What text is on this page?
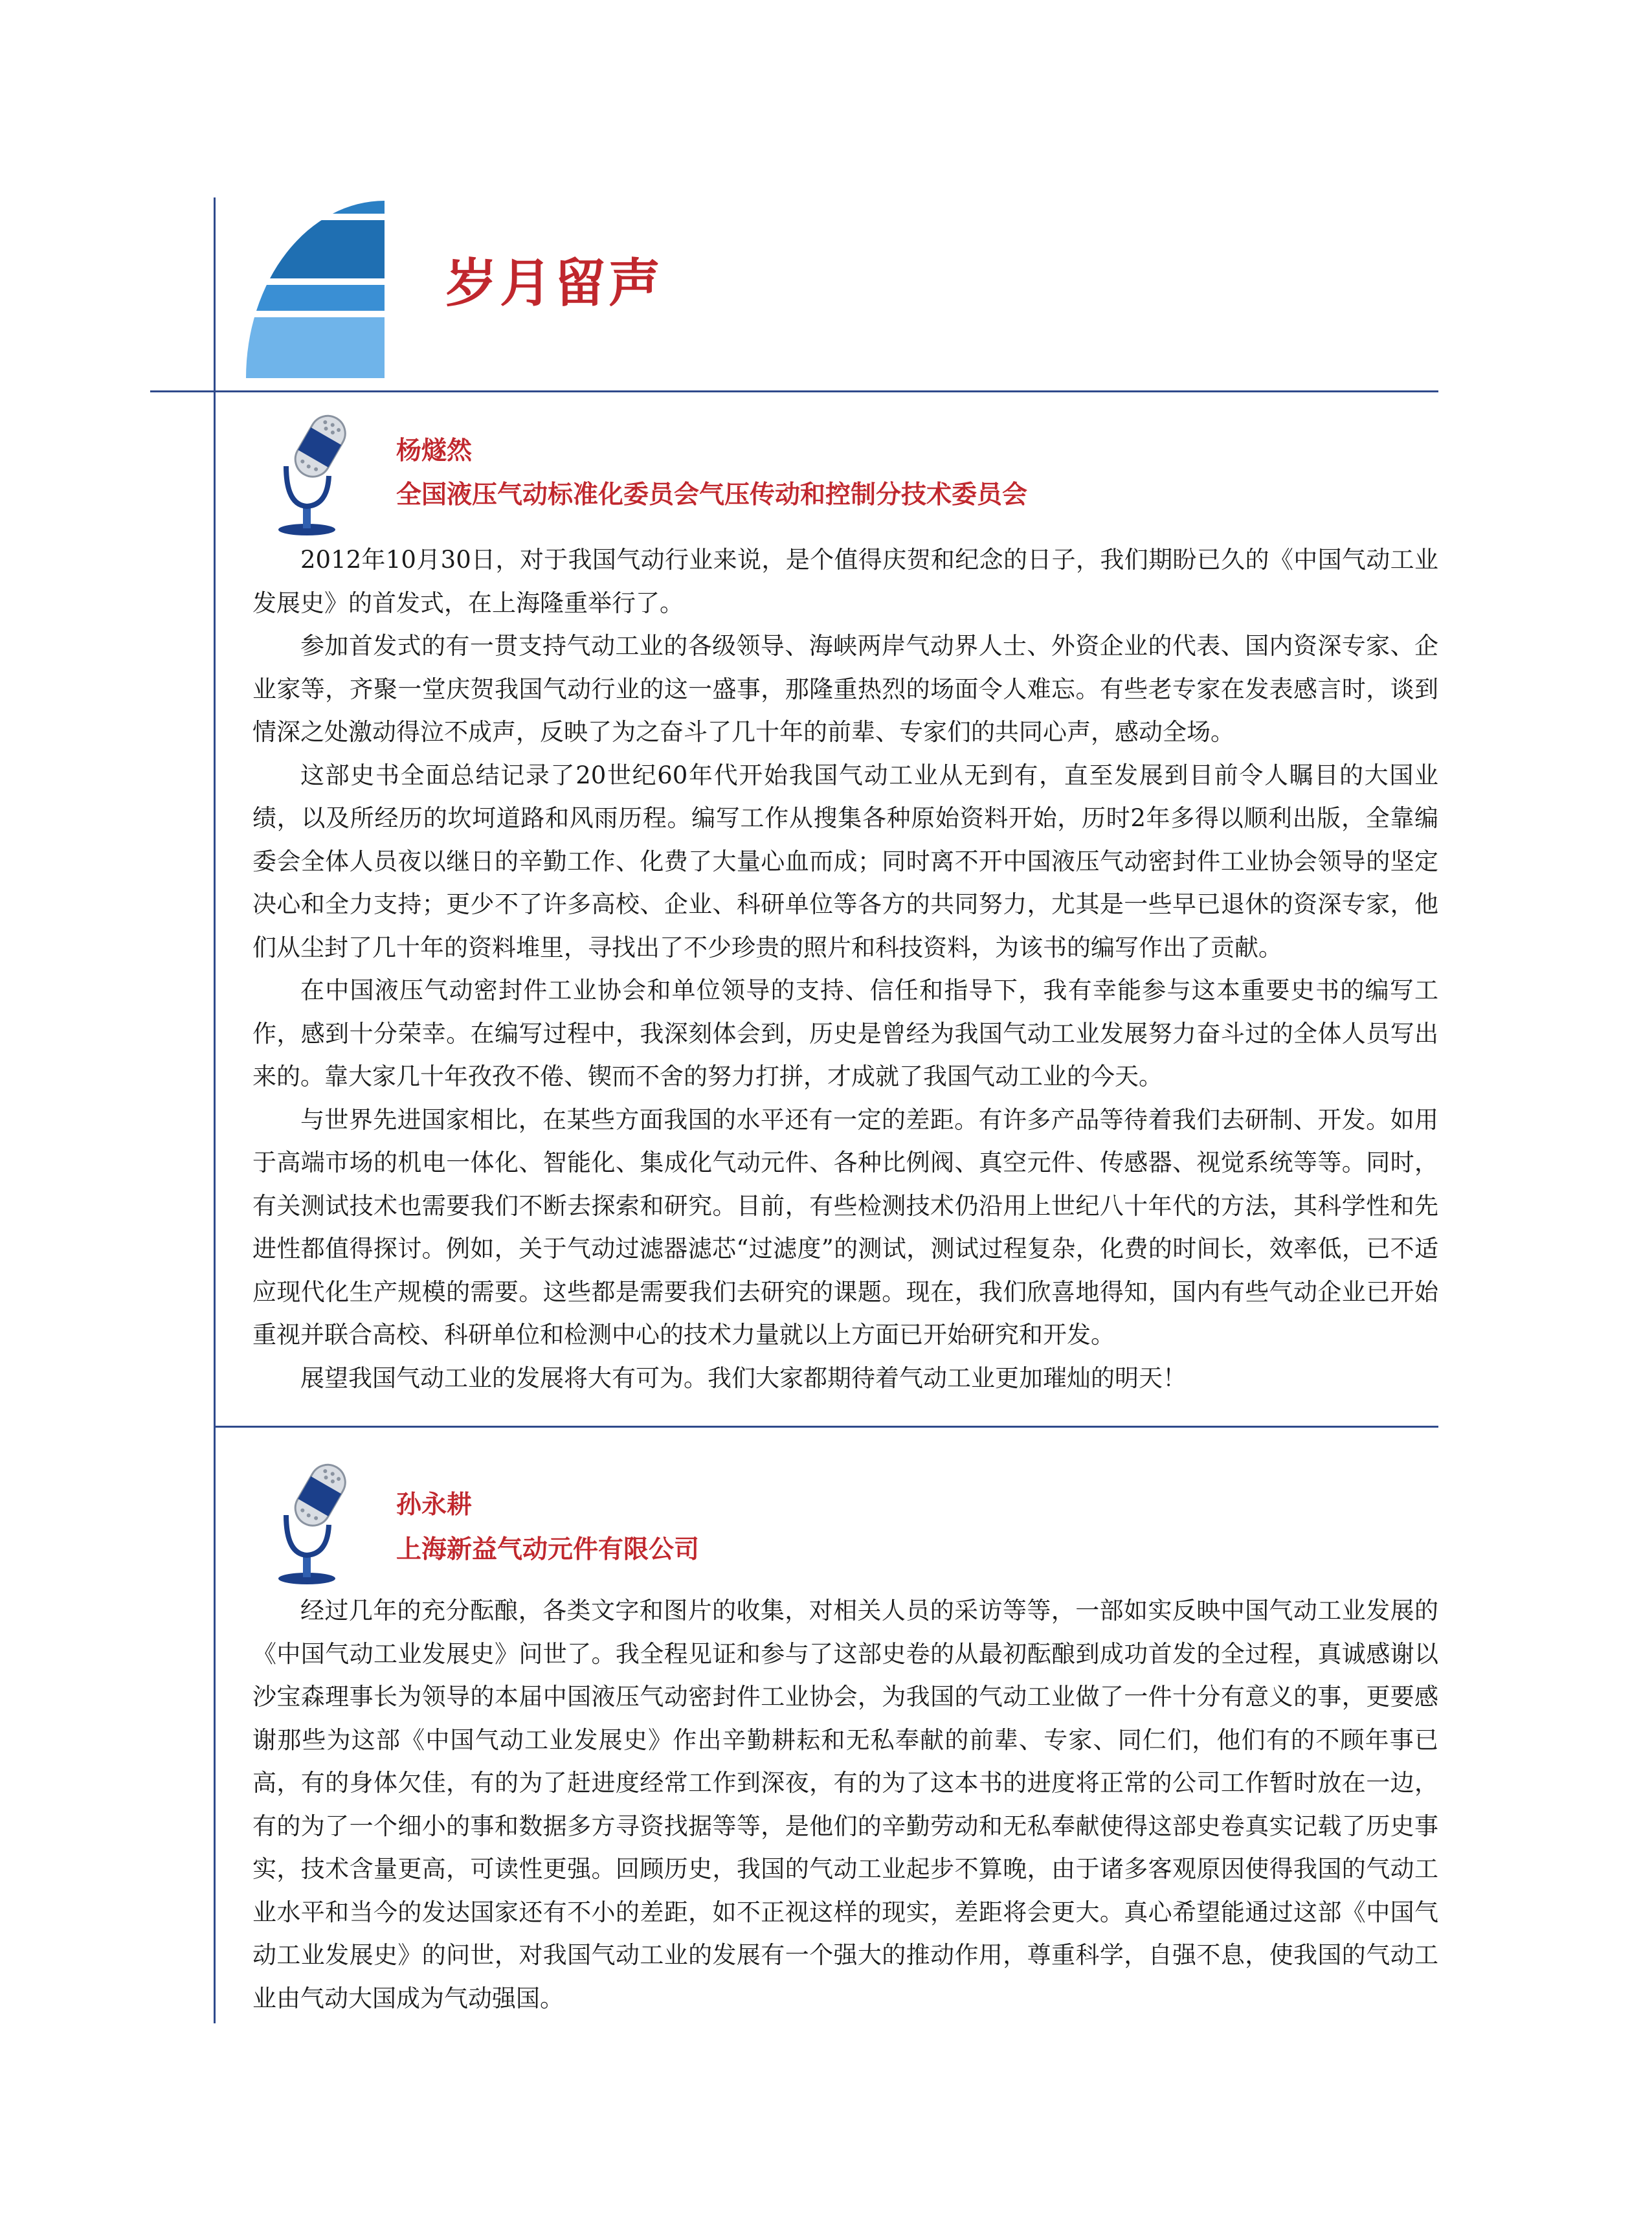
岁月留声
杨燧然
全国液压气动标准化委员会气压传动和控制分技术委员会

2012年10月30日，对于我国气动行业来说，是个值得庆贺和纪念的日子，我们期盼已久的《中国气动工业发展史》的首发式，在上海隆重举行了。

参加首发式的有一贯支持气动工业的各级领导、海峡两岸气动界人士、外资企业的代表、国内资深专家、企业家等，齐聚一堂庆贺我国气动行业的这一盛事，那隆重热烈的场面令人难忘。有些老专家在发表感言时，谈到情深之处激动得泣不成声，反映了为之奋斗了几十年的前辈、专家们的共同心声，感动全场。

这部史书全面总结记录了20世纪60年代开始我国气动工业从无到有，直至发展到目前令人瞩目的大国业绩，以及所经历的坎坷道路和风雨历程。编写工作从搜集各种原始资料开始，历时2年多得以顺利出版，全靠编委会全体人员夜以继日的辛勤工作、化费了大量心血而成；同时离不开中国液压气动密封件工业协会领导的坚定决心和全力支持；更少不了许多高校、企业、科研单位等各方的共同努力，尤其是一些早已退休的资深专家，他们从尘封了几十年的资料堆里，寻找出了不少珍贵的照片和科技资料，为该书的编写作出了贡献。

在中国液压气动密封件工业协会和单位领导的支持、信任和指导下，我有幸能参与这本重要史书的编写工作，感到十分荣幸。在编写过程中，我深刻体会到，历史是曾经为我国气动工业发展努力奋斗过的全体人员写出来的。靠大家几十年孜孜不倦、锲而不舍的努力打拼，才成就了我国气动工业的今天。

与世界先进国家相比，在某些方面我国的水平还有一定的差距。有许多产品等待着我们去研制、开发。如用于高端市场的机电一体化、智能化、集成化气动元件、各种比例阀、真空元件、传感器、视觉系统等等。同时，有关测试技术也需要我们不断去探索和研究。目前，有些检测技术仍沿用上世纪八十年代的方法，其科学性和先进性都值得探讨。例如，关于气动过滤器滤芯“过滤度”的测试，测试过程复杂，化费的时间长，效率低，已不适应现代化生产规模的需要。这些都是需要我们去研究的课题。现在，我们欣喜地得知，国内有些气动企业已开始重视并联合高校、科研单位和检测中心的技术力量就以上方面已开始研究和开发。

展望我国气动工业的发展将大有可为。我们大家都期待着气动工业更加璀灿的明天！

孙永耕
上海新益气动元件有限公司

经过几年的充分酝酿，各类文字和图片的收集，对相关人员的采访等等，一部如实反映中国气动工业发展的《中国气动工业发展史》问世了。我全程见证和参与了这部史卷的从最初酝酿到成功首发的全过程，真诚感谢以沙宝森理事长为领导的本届中国液压气动密封件工业协会，为我国的气动工业做了一件十分有意义的事，更要感谢那些为这部《中国气动工业发展史》作出辛勤耕耘和无私奉献的前辈、专家、同仁们，他们有的不顾年事已高，有的身体欠佳，有的为了赶进度经常工作到深夜，有的为了这本书的进度将正常的公司工作暂时放在一边，有的为了一个细小的事和数据多方寻资找据等等，是他们的辛勤劳动和无私奉献使得这部史卷真实记载了历史事实，技术含量更高，可读性更强。回顾历史，我国的气动工业起步不算晚，由于诸多客观原因使得我国的气动工业水平和当今的发达国家还有不小的差距，如不正视这样的现实，差距将会更大。真心希望能通过这部《中国气动工业发展史》的问世，对我国气动工业的发展有一个强大的推动作用，尊重科学，自强不息，使我国的气动工业由气动大国成为气动强国。
